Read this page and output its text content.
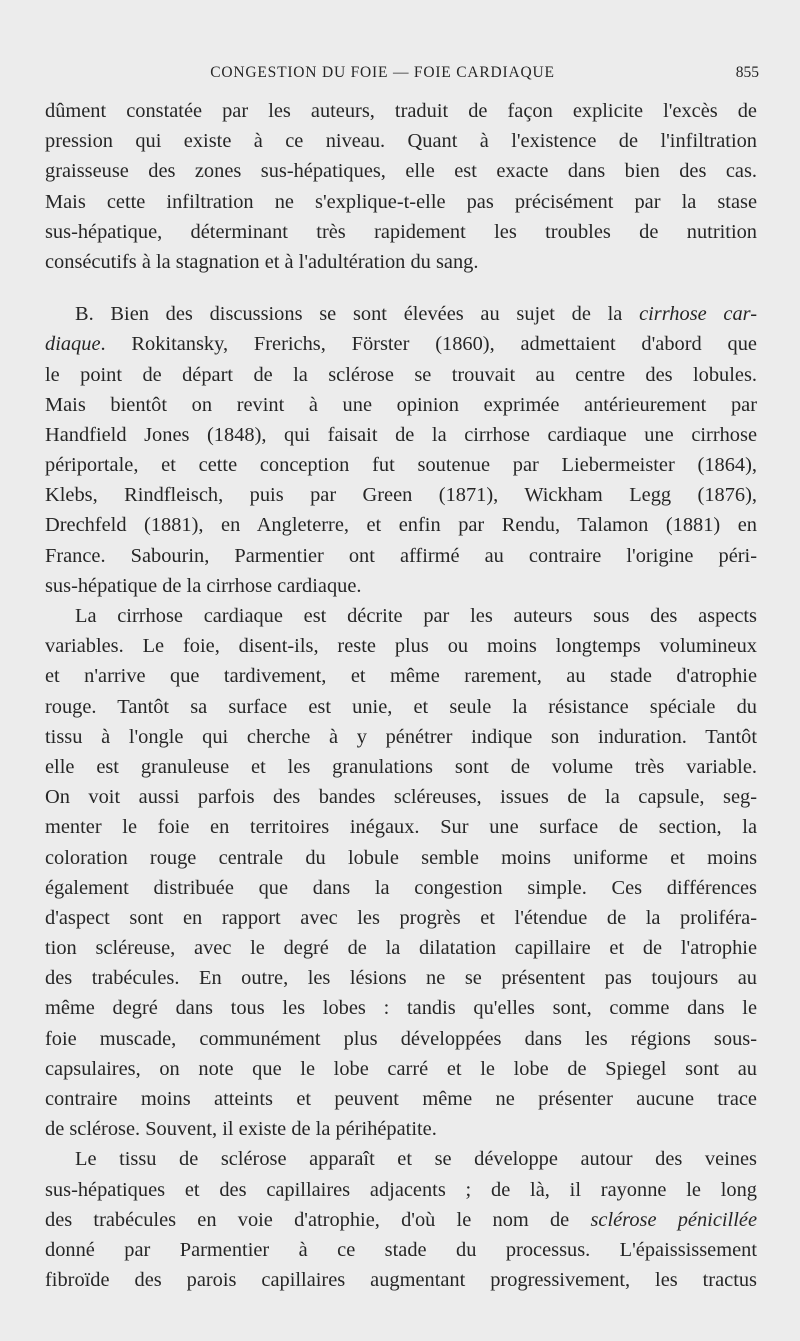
CONGESTION DU FOIE — FOIE CARDIAQUE	855
dûment constatée par les auteurs, traduit de façon explicite l'excès de
pression qui existe à ce niveau. Quant à l'existence de l'infiltration
graisseuse des zones sus-hépatiques, elle est exacte dans bien des cas.
Mais cette infiltration ne s'explique-t-elle pas précisément par la stase
sus-hépatique, déterminant très rapidement les troubles de nutrition
consécutifs à la stagnation et à l'adultération du sang.
B. Bien des discussions se sont élevées au sujet de la cirrhose car-
diaque. Rokitansky, Frerichs, Förster (1860), admettaient d'abord que
le point de départ de la sclérose se trouvait au centre des lobules.
Mais bientôt on revint à une opinion exprimée antérieurement par
Handfield Jones (1848), qui faisait de la cirrhose cardiaque une cirrhose
périportale, et cette conception fut soutenue par Liebermeister (1864),
Klebs, Rindfleisch, puis par Green (1871), Wickham Legg (1876),
Drechfeld (1881), en Angleterre, et enfin par Rendu, Talamon (1881) en
France. Sabourin, Parmentier ont affirmé au contraire l'origine péri-
sus-hépatique de la cirrhose cardiaque.
La cirrhose cardiaque est décrite par les auteurs sous des aspects
variables. Le foie, disent-ils, reste plus ou moins longtemps volumineux
et n'arrive que tardivement, et même rarement, au stade d'atrophie
rouge. Tantôt sa surface est unie, et seule la résistance spéciale du
tissu à l'ongle qui cherche à y pénétrer indique son induration. Tantôt
elle est granuleuse et les granulations sont de volume très variable.
On voit aussi parfois des bandes scléreuses, issues de la capsule, seg-
menter le foie en territoires inégaux. Sur une surface de section, la
coloration rouge centrale du lobule semble moins uniforme et moins
également distribuée que dans la congestion simple. Ces différences
d'aspect sont en rapport avec les progrès et l'étendue de la proliféra-
tion scléreuse, avec le degré de la dilatation capillaire et de l'atrophie
des trabécules. En outre, les lésions ne se présentent pas toujours au
même degré dans tous les lobes : tandis qu'elles sont, comme dans le
foie muscade, communément plus développées dans les régions sous-
capsulaires, on note que le lobe carré et le lobe de Spiegel sont au
contraire moins atteints et peuvent même ne présenter aucune trace
de sclérose. Souvent, il existe de la périhépatite.
Le tissu de sclérose apparaît et se développe autour des veines
sus-hépatiques et des capillaires adjacents ; de là, il rayonne le long
des trabécules en voie d'atrophie, d'où le nom de sclérose pénicillée
donné par Parmentier à ce stade du processus. L'épaississement
fibroïde des parois capillaires augmentant progressivement, les tractus
